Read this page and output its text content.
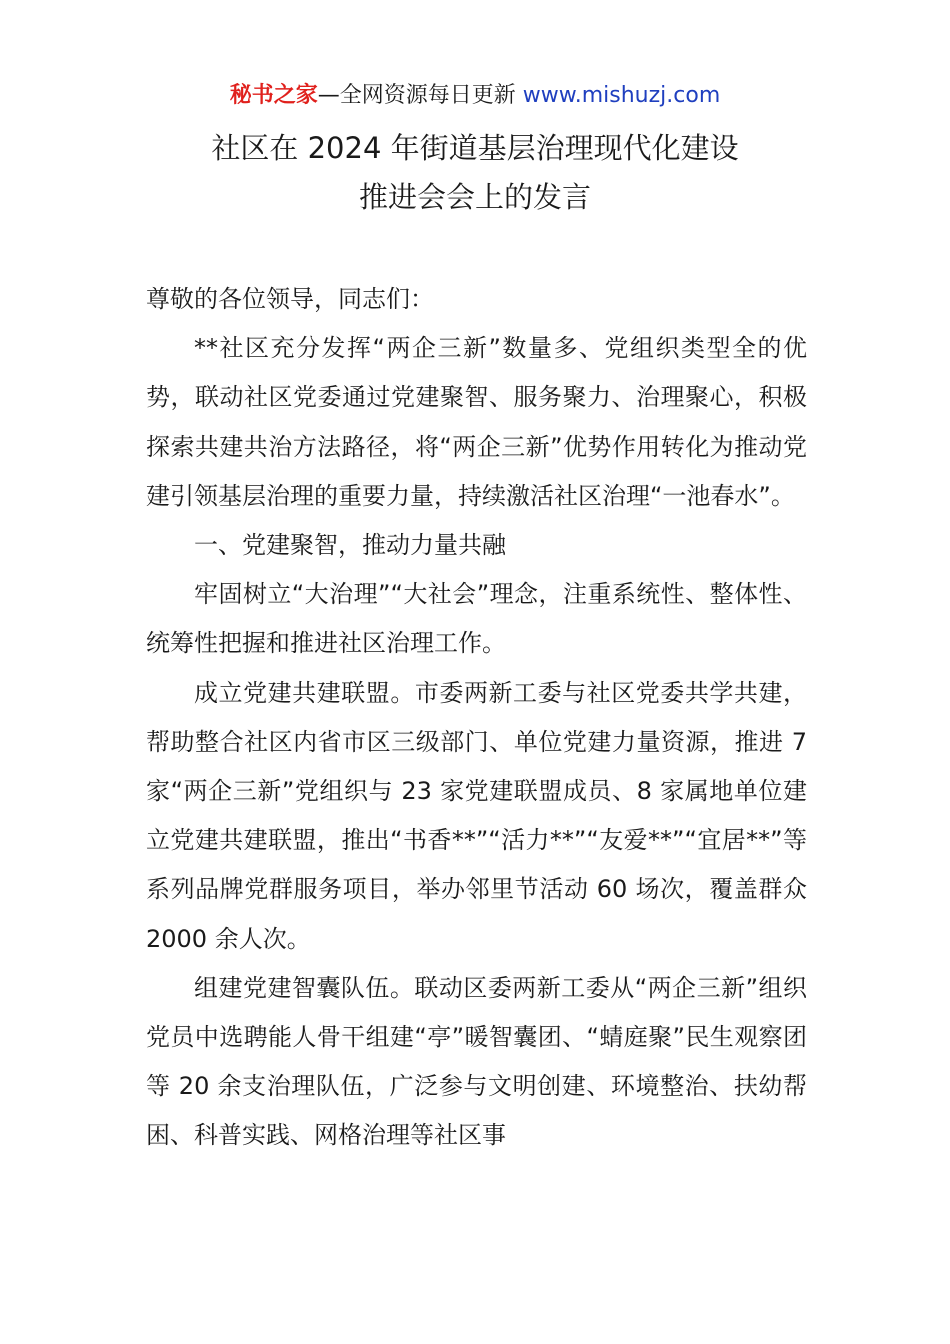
秘书之家—全网资源每日更新 www.mishuzj.com
社区在 2024 年街道基层治理现代化建设
推进会会上的发言

尊敬的各位领导，同志们：

**社区充分发挥“两企三新”数量多、党组织类型全的优势，联动社区党委通过党建聚智、服务聚力、治理聚心，积极探索共建共治方法路径，将“两企三新”优势作用转化为推动党建引领基层治理的重要力量，持续激活社区治理“一池春水”。

一、党建聚智，推动力量共融

牢固树立“大治理”“大社会”理念，注重系统性、整体性、统筹性把握和推进社区治理工作。

成立党建共建联盟。市委两新工委与社区党委共学共建，帮助整合社区内省市区三级部门、单位党建力量资源，推进 7 家“两企三新”党组织与 23 家党建联盟成员、8 家属地单位建立党建共建联盟，推出“书香**”“活力**”“友爱**”“宜居**”等系列品牌党群服务项目，举办邻里节活动 60 场次，覆盖群众 2000 余人次。

组建党建智囊队伍。联动区委两新工委从“两企三新”组织党员中选聘能人骨干组建“亭”暖智囊团、“蜻庭聚”民生观察团等 20 余支治理队伍，广泛参与文明创建、环境整治、扶幼帮困、科普实践、网格治理等社区事
